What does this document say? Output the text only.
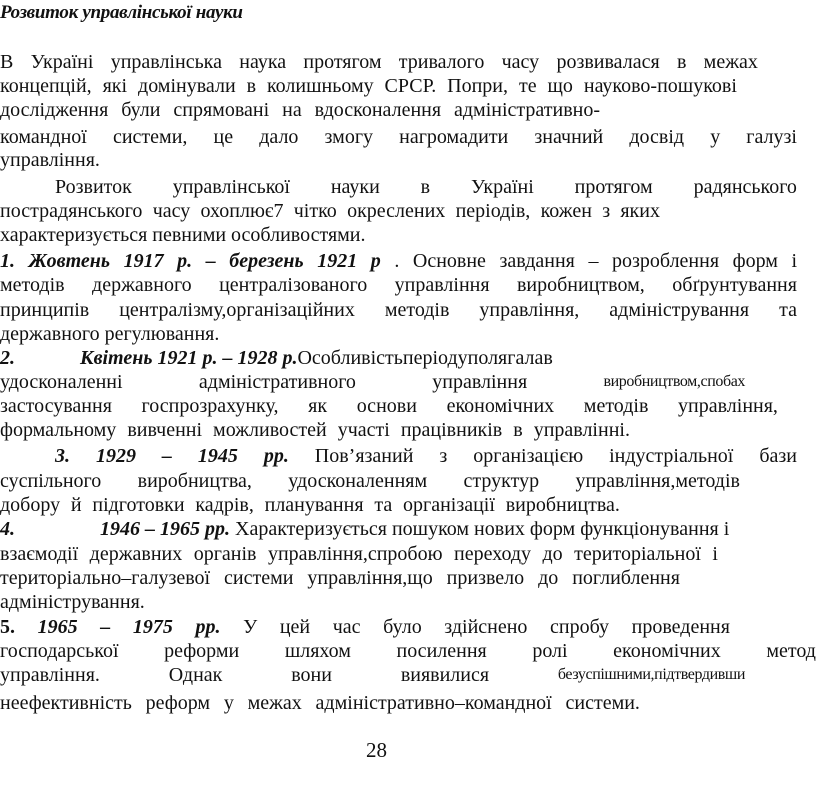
Розвиток управлінської науки
В Україні управлінська наука протягом тривалого часу розвивалася в межах
концепцій, які домінували в колишньому СРСР. Попри, те що науково-пошукові
дослідження були спрямовані на вдосконалення адміністративно-
командної системи, це дало змогу нагромадити значний досвід у галузі
управління.
Розвиток управлінської науки в Україні протягом радянського
пострадянського часу охоплює7 чітко окреслених періодів, кожен з яких
характеризується певними особливостями.
1. Жовтень 1917 р. – березень 1921 р . Основне завдання – розроблення форм і
методів державного централізованого управління виробництвом, обґрунтування
принципів централізму,організаційних методів управління, адміністрування та
державного регулювання.
2.	Квітень 1921 р. – 1928 р.Особливістьперіодуполягалав
удосконаленні	адміністративного	управління	виробництвом,спобах
застосування госпрозрахунку, як основи економічних методів управління,
формальному вивченні можливостей участі працівників в управлінні.
3.	1929	–	1945	рр.	Пов’язаний	з	організацією	індустріальної	бази
суспільного виробництва, удосконаленням структур управління,методів
добору й підготовки кадрів, планування та організації виробництва.
4.	1946 – 1965 рр. Характеризується пошуком нових форм функціонування і
взаємодії державних органів управління,спробою переходу до територіальної і
територіально–галузевої системи управління,що призвело до поглиблення
адміністрування.
5.	1965	–	1975	рр.	У	цей	час	було	здійснено	спробу	проведення
господарської реформи шляхом посилення ролі економічних метод
управління.	Однак	вони	виявилися	безуспішними,підтвердивши
неефективність реформ у межах адміністративно–командної системи.
28
